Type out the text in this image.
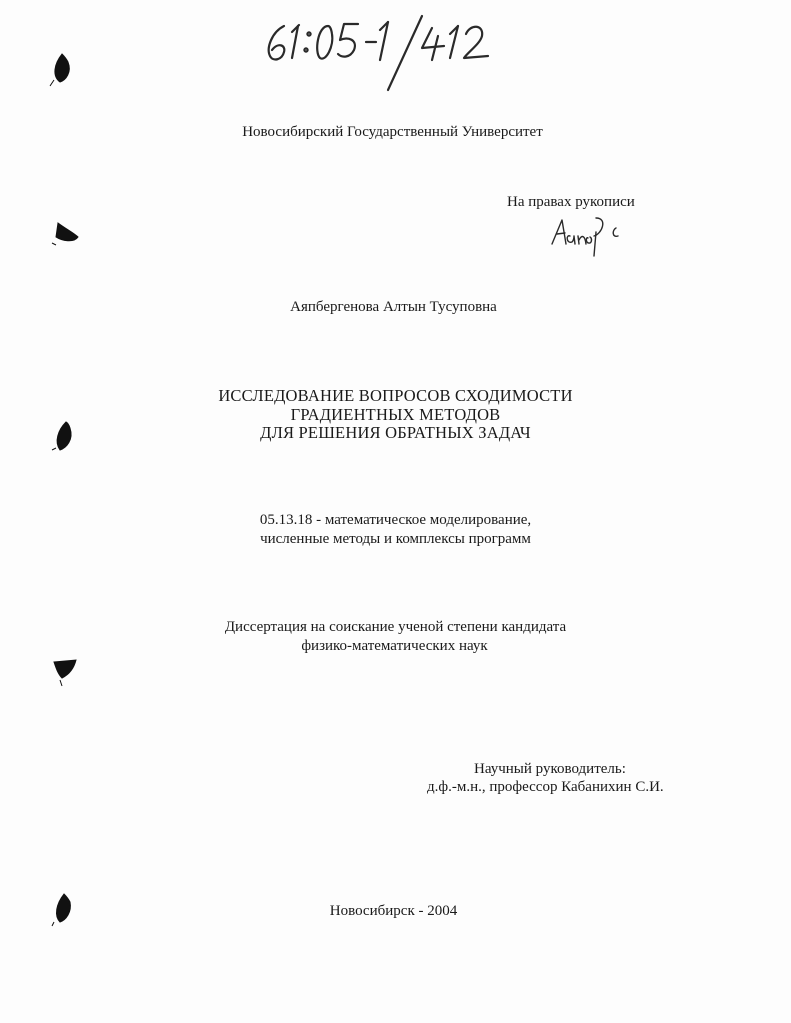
Новосибирский Государственный Университет
На правах рукописи
Аяпбергенова Алтын Тусуповна
ИССЛЕДОВАНИЕ ВОПРОСОВ СХОДИМОСТИ
ГРАДИЕНТНЫХ МЕТОДОВ
ДЛЯ РЕШЕНИЯ ОБРАТНЫХ ЗАДАЧ
05.13.18 - математическое моделирование,
численные методы и комплексы программ
Диссертация на соискание ученой степени кандидата
физико-математических наук
Научный руководитель:
д.ф.-м.н., профессор Кабанихин С.И.
Новосибирск - 2004
